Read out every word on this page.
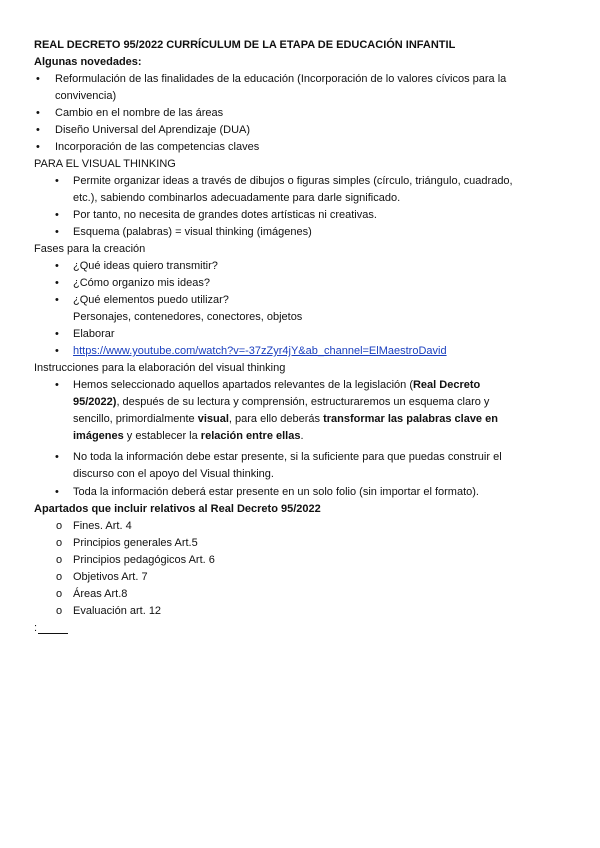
REAL DECRETO 95/2022 CURRÍCULUM DE LA ETAPA DE EDUCACIÓN INFANTIL
Algunas novedades:
• Reformulación de las finalidades de la educación (Incorporación de lo valores cívicos para la
convivencia)
• Cambio en el nombre de las áreas
• Diseño Universal del Aprendizaje (DUA)
• Incorporación de las competencias claves
PARA EL VISUAL THINKING
• Permite organizar ideas a través de dibujos o figuras simples (círculo, triángulo, cuadrado,
etc.), sabiendo combinarlos adecuadamente para darle significado.
• Por tanto, no necesita de grandes dotes artísticas ni creativas.
• Esquema (palabras) = visual thinking (imágenes)
Fases para la creación
• ¿Qué ideas quiero transmitir?
• ¿Cómo organizo mis ideas?
• ¿Qué elementos puedo utilizar?
Personajes, contenedores, conectores, objetos
• Elaborar
• https://www.youtube.com/watch?v=-37zZyr4jY&ab_channel=ElMaestroDavid
Instrucciones para la elaboración del visual thinking
• Hemos seleccionado aquellos apartados relevantes de la legislación (Real Decreto
95/2022), después de su lectura y comprensión, estructuraremos un esquema claro y
sencillo, primordialmente visual, para ello deberás transformar las palabras clave en
imágenes y establecer la relación entre ellas.
• No toda la información debe estar presente, si la suficiente para que puedas construir el
discurso con el apoyo del Visual thinking.
• Toda la información deberá estar presente en un solo folio (sin importar el formato).
Apartados que incluir relativos al Real Decreto 95/2022
o Fines. Art. 4
o Principios generales Art.5
o Principios pedagógicos Art. 6
o Objetivos Art. 7
o Áreas Art.8
o Evaluación art. 12
:
